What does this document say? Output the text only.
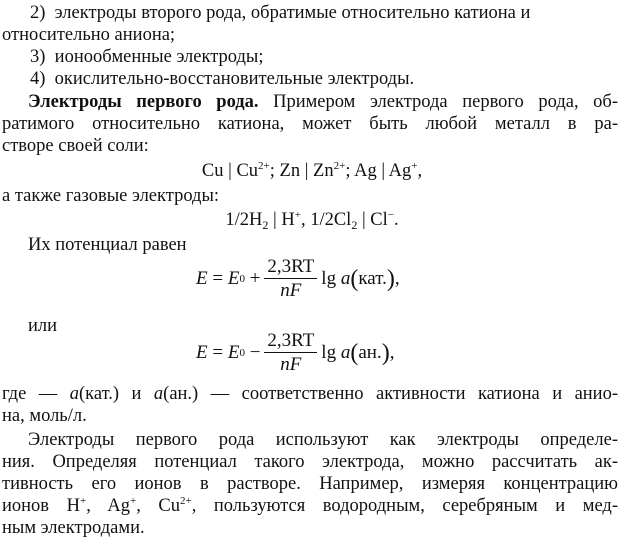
2) электроды второго рода, обратимые относительно катиона и
относительно аниона;
3) ионообменные электроды;
4) окислительно-восстановительные электроды.
Электроды первого рода. Примером электрода первого рода, об-
ратимого относительно катиона, может быть любой металл в ра-
створе своей соли:
Cu | $Cu^{2+}$; Zn | $Zn^{2+}$; Ag | Ag+,
а также газовые электроды:
$1/2H_2$ | H+, $1/2Cl_2$ | Cl−.
Их потенциал равен
E
=
E 0
+ $\frac{2,3RT}{nF}$ lg
a ( кат. ) ,
или
E
=
E 0
− $\frac{2,3RT}{nF}$ lg
a ( ан. ) ,
где — a(кат.) и a(ан.) — соответственно активности катиона и анио-
на, моль/л.
Электроды первого рода используют как электроды определе-
ния. Определяя потенциал такого электрода, можно рассчитать ак-
тивность его ионов в растворе. Например, измеряя концентрацию
ионов H+, Ag+, $Cu^{2+}$, пользуются водородным, серебряным и мед-
ным электродами.
